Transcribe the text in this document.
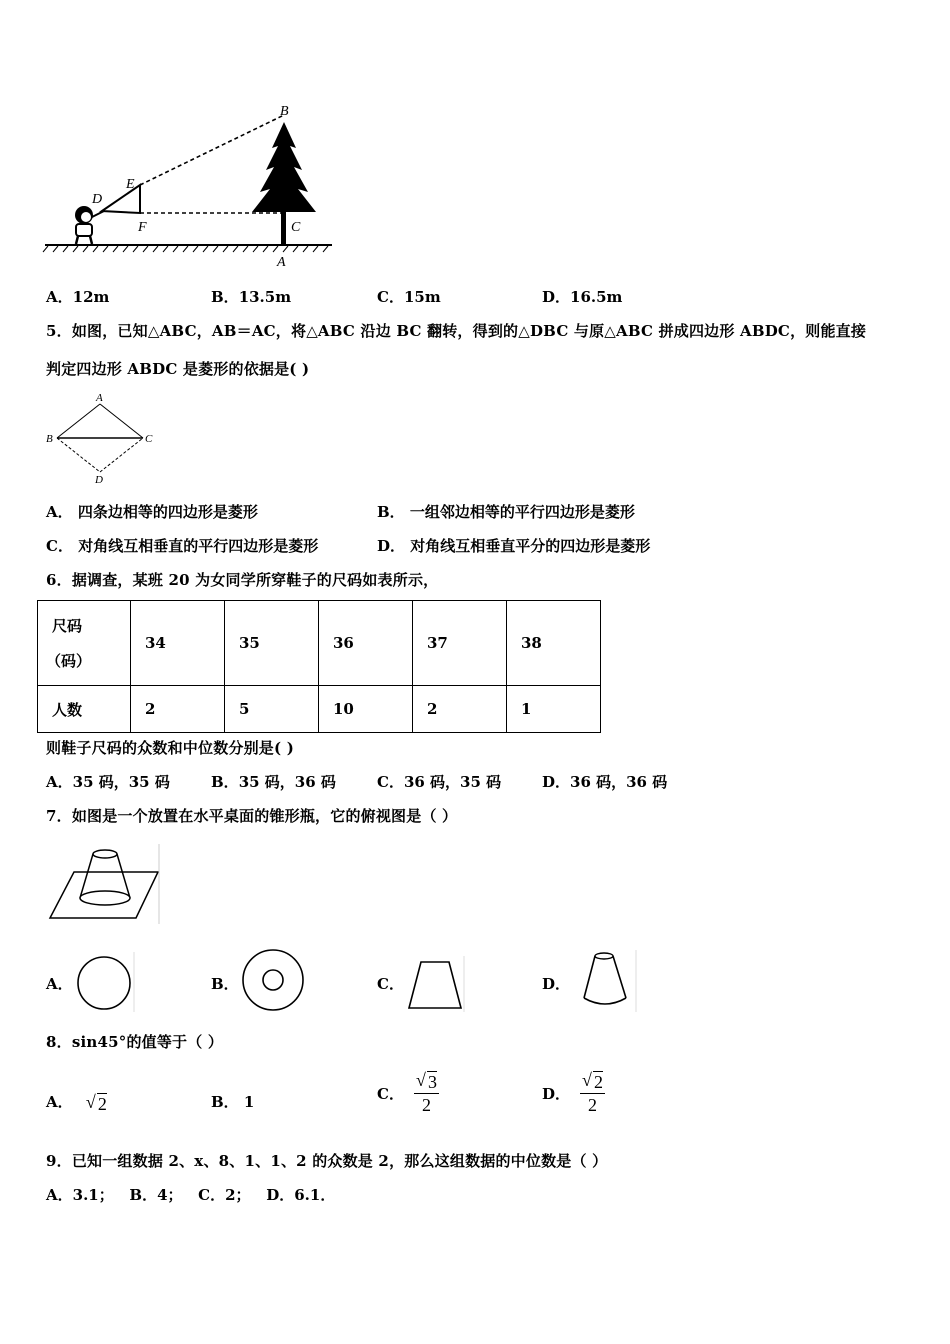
B
E
D
F	C
A
A．12m	B．13.5m	C．15m	D．16.5m
5．如图，已知△ABC，AB＝AC，将△ABC 沿边 BC 翻转，得到的△DBC 与原△ABC 拼成四边形 ABDC，则能直接
判定四边形 ABDC 是菱形的依据是( )
A
B	C
D
A． 四条边相等的四边形是菱形	B． 一组邻边相等的平行四边形是菱形
C． 对角线互相垂直的平行四边形是菱形	D． 对角线互相垂直平分的四边形是菱形
6．据调查，某班 20 为女同学所穿鞋子的尺码如表所示，
尺码
（码）	34	35	36	37	38
人数	2	5	10	2	1
则鞋子尺码的众数和中位数分别是( )
A．35 码，35 码	B．35 码，36 码	C．36 码，35 码	D．36 码，36 码
7．如图是一个放置在水平桌面的锥形瓶，它的俯视图是（ ）
A．	B．	C．	D．
8．sin45°的值等于（ ）
A． √ 2	B． 1	C． $\frac{√ 3}{2}$	D． $\frac{√ 2}{2}$
9．已知一组数据 2、x、8、1、1、2 的众数是 2，那么这组数据的中位数是（ ）
A．3.1；   B．4；   C．2；   D．6.1．
